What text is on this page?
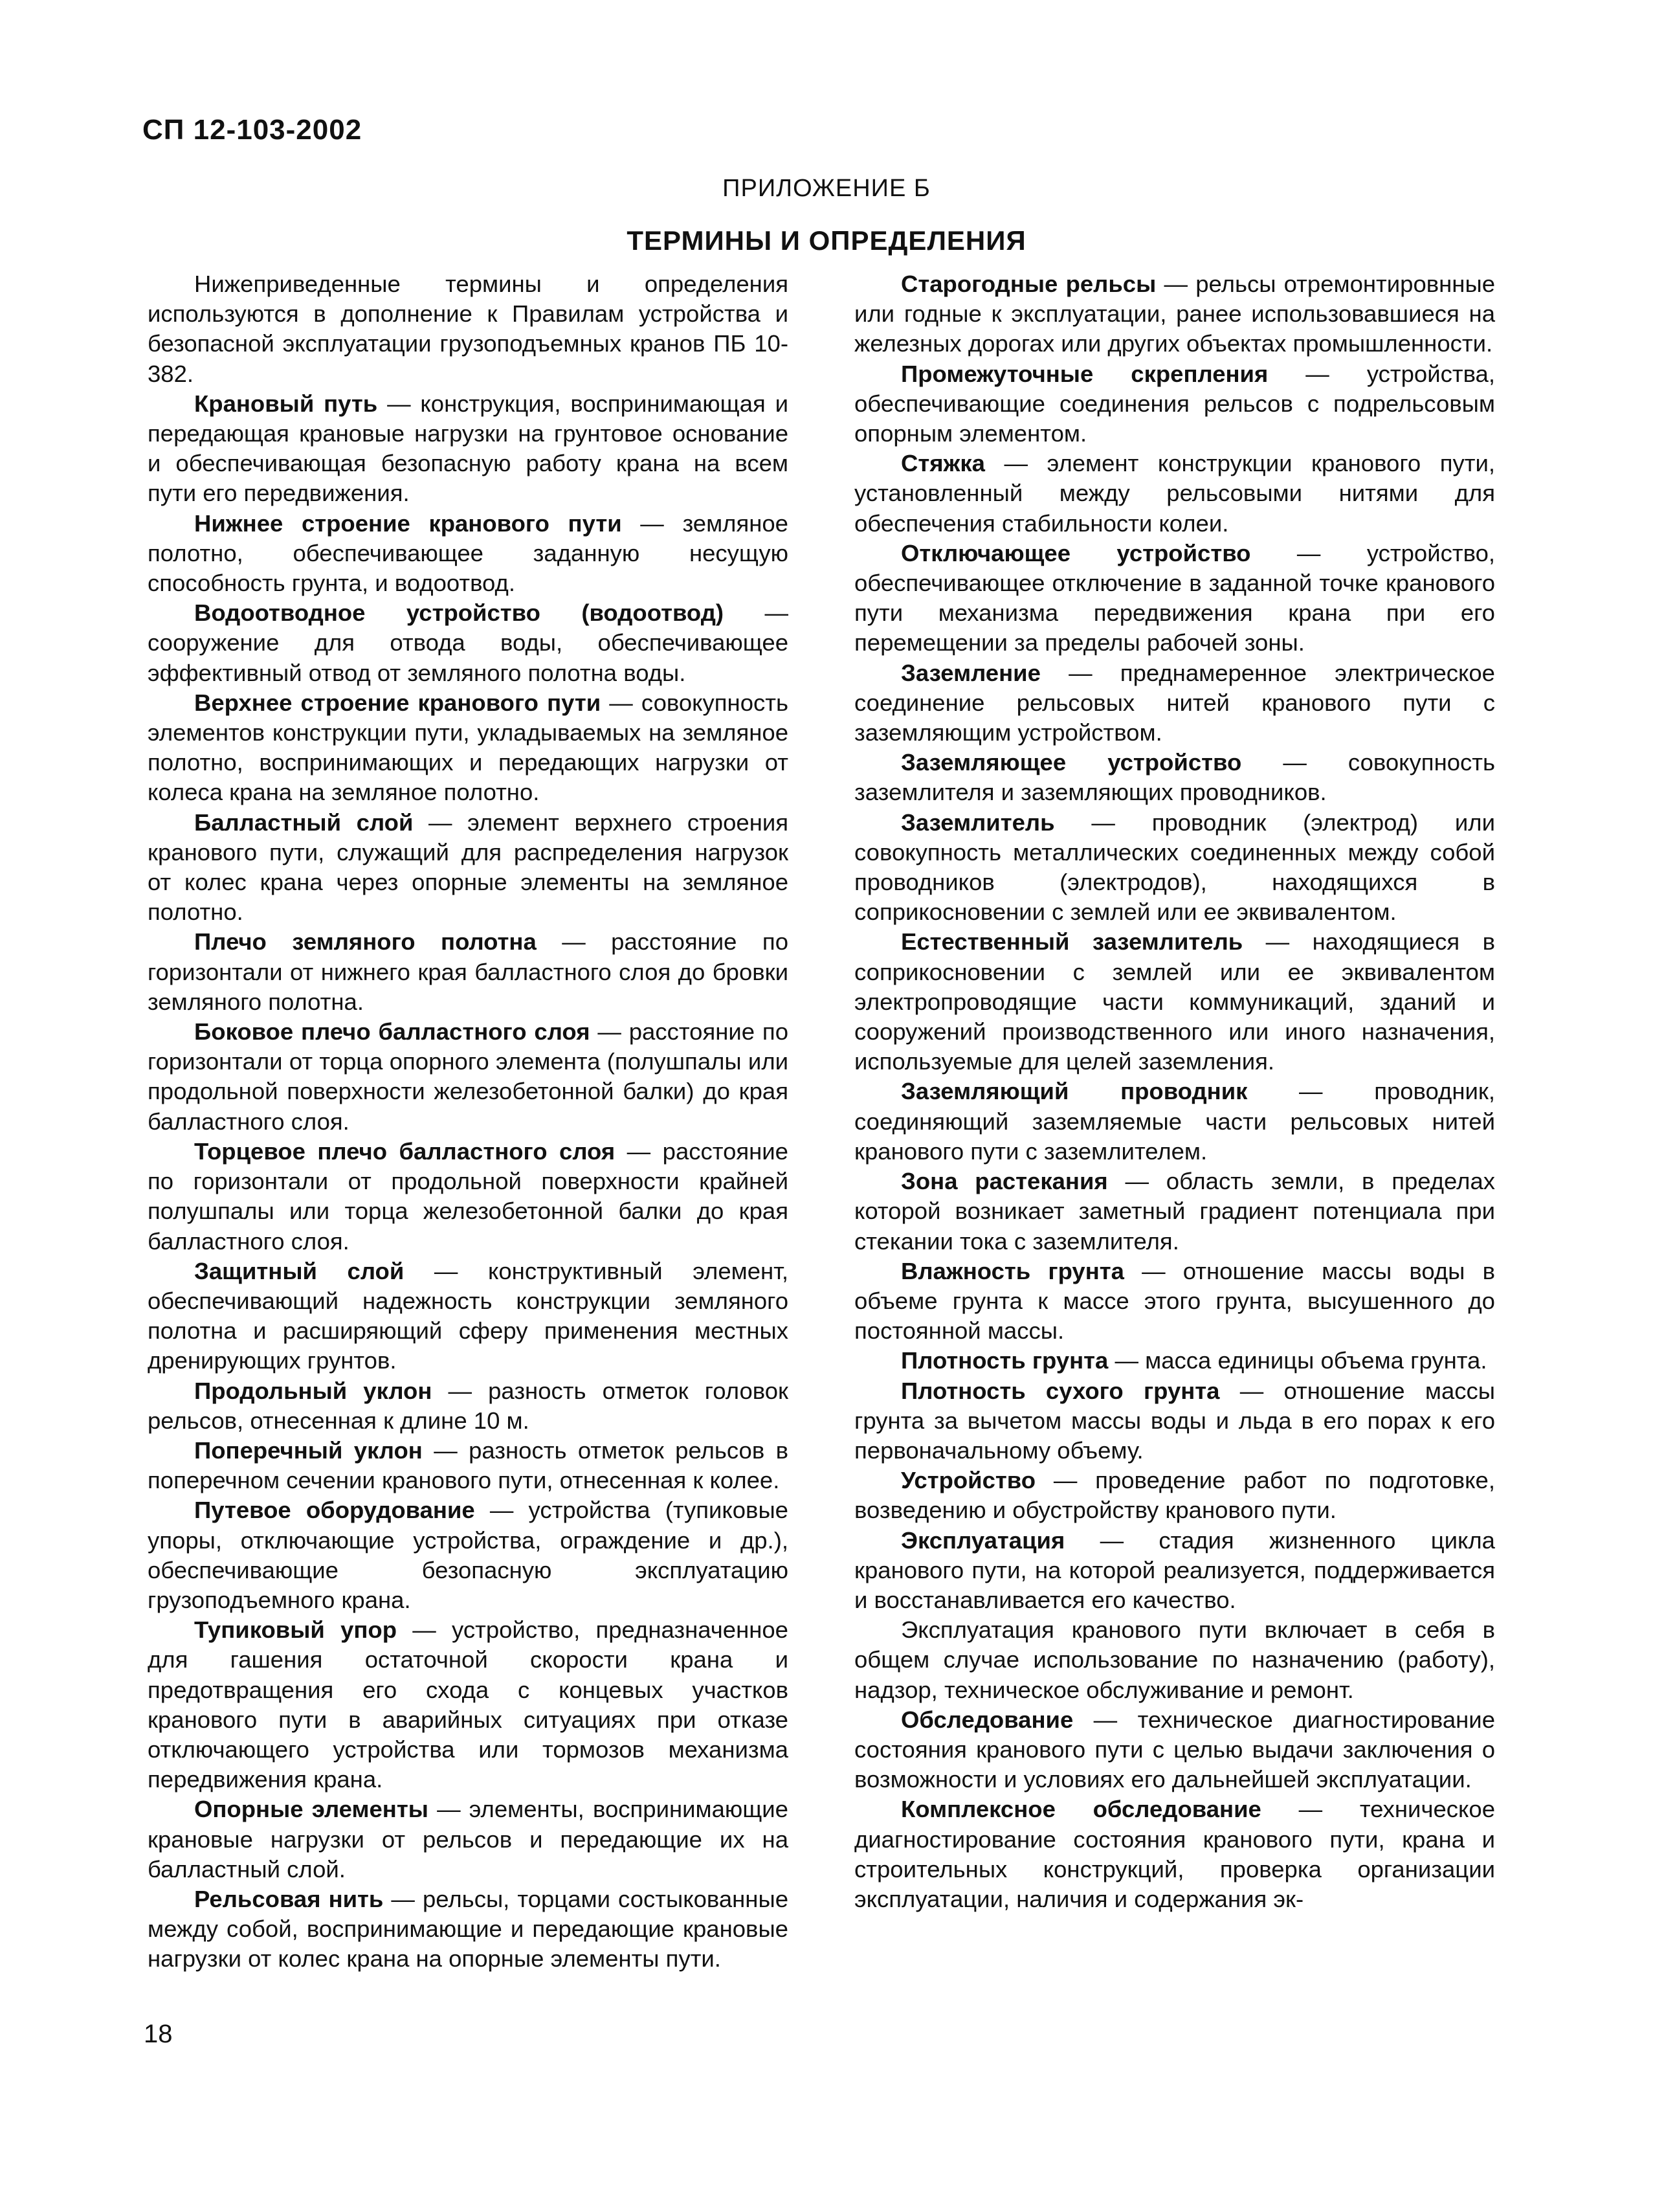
СП 12-103-2002
ПРИЛОЖЕНИЕ Б
ТЕРМИНЫ И ОПРЕДЕЛЕНИЯ

Нижеприведенные термины и определения используются в дополнение к Правилам устройства и безопасной эксплуатации грузоподъемных кранов ПБ 10-382.

Крановый путь — конструкция, воспринимающая и передающая крановые нагрузки на грунтовое основание и обеспечивающая безопасную работу крана на всем пути его передвижения.

Нижнее строение кранового пути — земляное полотно, обеспечивающее заданную несущую способность грунта, и водоотвод.

Водоотводное устройство (водоотвод) — сооружение для отвода воды, обеспечивающее эффективный отвод от земляного полотна воды.

Верхнее строение кранового пути — совокупность элементов конструкции пути, укладываемых на земляное полотно, воспринимающих и передающих нагрузки от колеса крана на земляное полотно.

Балластный слой — элемент верхнего строения кранового пути, служащий для распределения нагрузок от колес крана через опорные элементы на земляное полотно.

Плечо земляного полотна — расстояние по горизонтали от нижнего края балластного слоя до бровки земляного полотна.

Боковое плечо балластного слоя — расстояние по горизонтали от торца опорного элемента (полушпалы или продольной поверхности железобетонной балки) до края балластного слоя.

Торцевое плечо балластного слоя — расстояние по горизонтали от продольной поверхности крайней полушпалы или торца железобетонной балки до края балластного слоя.

Защитный слой — конструктивный элемент, обеспечивающий надежность конструкции земляного полотна и расширяющий сферу применения местных дренирующих грунтов.

Продольный уклон — разность отметок головок рельсов, отнесенная к длине 10 м.

Поперечный уклон — разность отметок рельсов в поперечном сечении кранового пути, отнесенная к колее.

Путевое оборудование — устройства (тупиковые упоры, отключающие устройства, ограждение и др.), обеспечивающие безопасную эксплуатацию грузоподъемного крана.

Тупиковый упор — устройство, предназначенное для гашения остаточной скорости крана и предотвращения его схода с концевых участков кранового пути в аварийных ситуациях при отказе отключающего устройства или тормозов механизма передвижения крана.

Опорные элементы — элементы, воспринимающие крановые нагрузки от рельсов и передающие их на балластный слой.

Рельсовая нить — рельсы, торцами состыкованные между собой, воспринимающие и передающие крановые нагрузки от колес крана на опорные элементы пути.

Старогодные рельсы — рельсы отремонтировнные или годные к эксплуатации, ранее использовавшиеся на железных дорогах или других объектах промышленности.

Промежуточные скрепления — устройства, обеспечивающие соединения рельсов с подрельсовым опорным элементом.

Стяжка — элемент конструкции кранового пути, установленный между рельсовыми нитями для обеспечения стабильности колеи.

Отключающее устройство — устройство, обеспечивающее отключение в заданной точке кранового пути механизма передвижения крана при его перемещении за пределы рабочей зоны.

Заземление — преднамеренное электрическое соединение рельсовых нитей кранового пути с заземляющим устройством.

Заземляющее устройство — совокупность заземлителя и заземляющих проводников.

Заземлитель — проводник (электрод) или совокупность металлических соединенных между собой проводников (электродов), находящихся в соприкосновении с землей или ее эквивалентом.

Естественный заземлитель — находящиеся в соприкосновении с землей или ее эквивалентом электропроводящие части коммуникаций, зданий и сооружений производственного или иного назначения, используемые для целей заземления.

Заземляющий проводник — проводник, соединяющий заземляемые части рельсовых нитей кранового пути с заземлителем.

Зона растекания — область земли, в пределах которой возникает заметный градиент потенциала при стекании тока с заземлителя.

Влажность грунта — отношение массы воды в объеме грунта к массе этого грунта, высушенного до постоянной массы.

Плотность грунта — масса единицы объема грунта.

Плотность сухого грунта — отношение массы грунта за вычетом массы воды и льда в его порах к его первоначальному объему.

Устройство — проведение работ по подготовке, возведению и обустройству кранового пути.

Эксплуатация — стадия жизненного цикла кранового пути, на которой реализуется, поддерживается и восстанавливается его качество.

Эксплуатация кранового пути включает в себя в общем случае использование по назначению (работу), надзор, техническое обслуживание и ремонт.

Обследование — техническое диагностирование состояния кранового пути с целью выдачи заключения о возможности и условиях его дальнейшей эксплуатации.

Комплексное обследование — техническое диагностирование состояния кранового пути, крана и строительных конструкций, проверка организации эксплуатации, наличия и содержания эк-

18
